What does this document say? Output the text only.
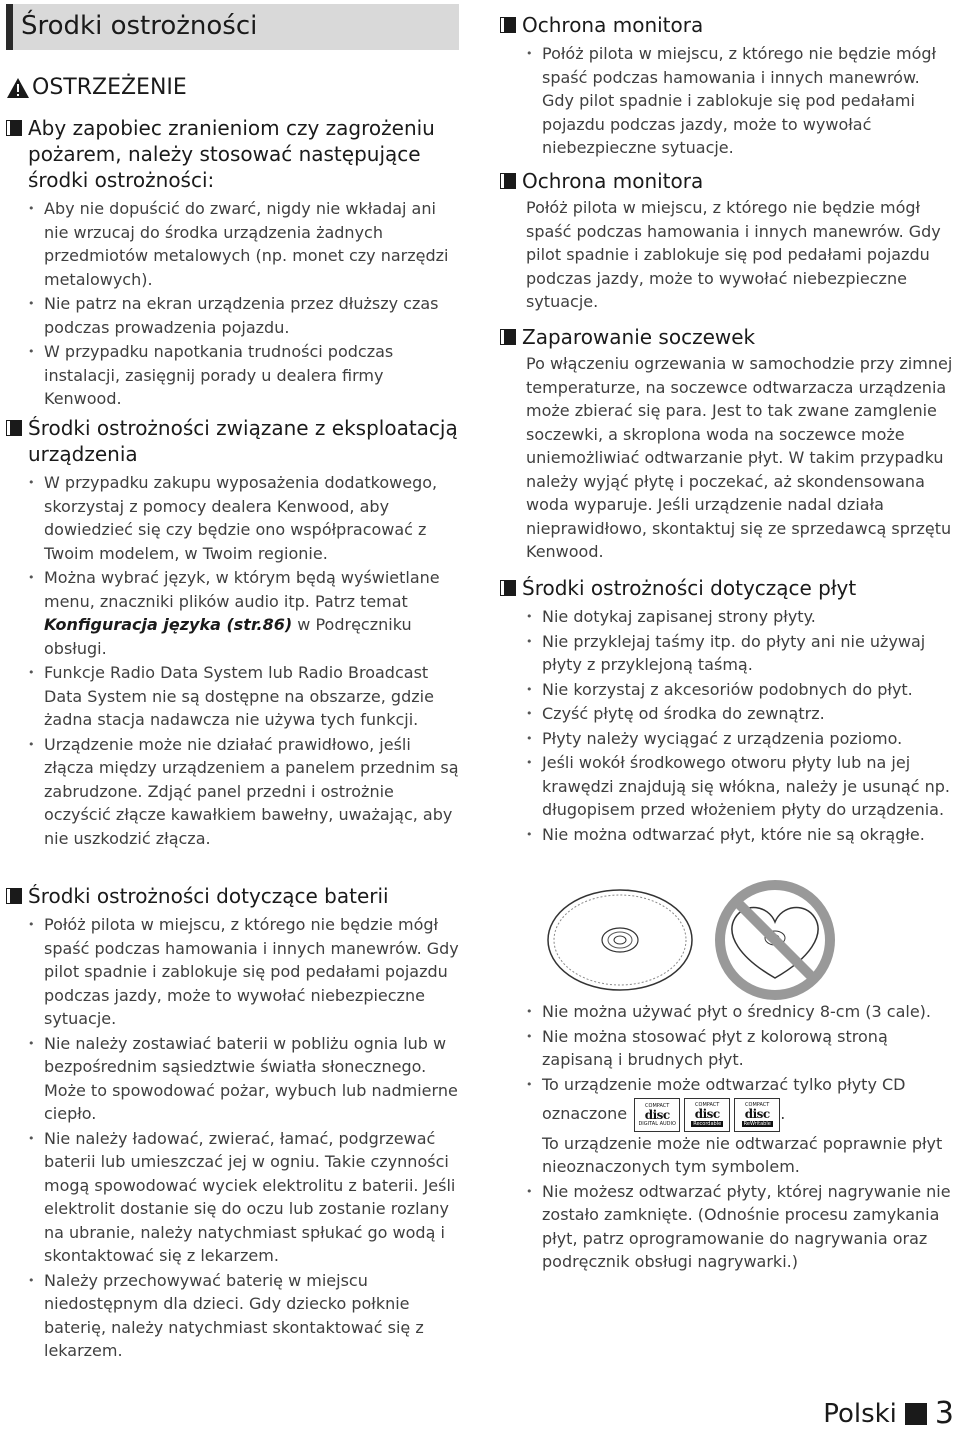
Środki ostrożności
OSTRZEŻENIE
Aby zapobiec zranieniom czy zagrożeniu pożarem, należy stosować następujące środki ostrożności:
• Aby nie dopuścić do zwarć, nigdy nie wkładaj ani nie wrzucaj do środka urządzenia żadnych przedmiotów metalowych (np. monet czy narzędzi metalowych).
• Nie patrz na ekran urządzenia przez dłuższy czas podczas prowadzenia pojazdu.
• W przypadku napotkania trudności podczas instalacji, zasięgnij porady u dealera firmy Kenwood.
Środki ostrożności związane z eksploatacją urządzenia
• W przypadku zakupu wyposażenia dodatkowego, skorzystaj z pomocy dealera Kenwood, aby dowiedzieć się czy będzie ono współpracować z Twoim modelem, w Twoim regionie.
• Można wybrać język, w którym będą wyświetlane menu, znaczniki plików audio itp. Patrz temat Konfiguracja języka (str.86) w Podręczniku obsługi.
• Funkcje Radio Data System lub Radio Broadcast Data System nie są dostępne na obszarze, gdzie żadna stacja nadawcza nie używa tych funkcji.
• Urządzenie może nie działać prawidłowo, jeśli złącza między urządzeniem a panelem przednim są zabrudzone. Zdjąć panel przedni i ostrożnie oczyścić złącze kawałkiem bawełny, uważając, aby nie uszkodzić złącza.
Środki ostrożności dotyczące baterii
• Połóż pilota w miejscu, z którego nie będzie mógł spaść podczas hamowania i innych manewrów. Gdy pilot spadnie i zablokuje się pod pedałami pojazdu podczas jazdy, może to wywołać niebezpieczne sytuacje.
• Nie należy zostawiać baterii w pobliżu ognia lub w bezpośrednim sąsiedztwie światła słonecznego. Może to spowodować pożar, wybuch lub nadmierne ciepło.
• Nie należy ładować, zwierać, łamać, podgrzewać baterii lub umieszczać jej w ogniu. Takie czynności mogą spowodować wyciek elektrolitu z baterii. Jeśli elektrolit dostanie się do oczu lub zostanie rozlany na ubranie, należy natychmiast spłukać go wodą i skontaktować się z lekarzem.
• Należy przechowywać baterię w miejscu niedostępnym dla dzieci. Gdy dziecko połknie baterię, należy natychmiast skontaktować się z lekarzem.
Ochrona monitora
• Połóż pilota w miejscu, z którego nie będzie mógł spaść podczas hamowania i innych manewrów. Gdy pilot spadnie i zablokuje się pod pedałami pojazdu podczas jazdy, może to wywołać niebezpieczne sytuacje.
Ochrona monitora
Połóż pilota w miejscu, z którego nie będzie mógł spaść podczas hamowania i innych manewrów. Gdy pilot spadnie i zablokuje się pod pedałami pojazdu podczas jazdy, może to wywołać niebezpieczne sytuacje.
Zaparowanie soczewek
Po włączeniu ogrzewania w samochodzie przy zimnej temperaturze, na soczewce odtwarzacza urządzenia może zbierać się para. Jest to tak zwane zamglenie soczewki, a skroplona woda na soczewce może uniemożliwiać odtwarzanie płyt. W takim przypadku należy wyjąć płytę i poczekać, aż skondensowana woda wyparuje. Jeśli urządzenie nadal działa nieprawidłowo, skontaktuj się ze sprzedawcą sprzętu Kenwood.
Środki ostrożności dotyczące płyt
• Nie dotykaj zapisanej strony płyty.
• Nie przyklejaj taśmy itp. do płyty ani nie używaj płyty z przyklejoną taśmą.
• Nie korzystaj z akcesoriów podobnych do płyt.
• Czyść płytę od środka do zewnątrz.
• Płyty należy wyciągać z urządzenia poziomo.
• Jeśli wokół środkowego otworu płyty lub na jej krawędzi znajdują się włókna, należy je usunąć np. długopisem przed włożeniem płyty do urządzenia.
• Nie można odtwarzać płyt, które nie są okrągłe.
• Nie można używać płyt o średnicy 8-cm (3 cale).
• Nie można stosować płyt z kolorową stroną zapisaną i brudnych płyt.
• To urządzenie może odtwarzać tylko płyty CD
oznaczone	COMPACT
disc
DIGITAL AUDIO
COMPACT
disc
Recordable
COMPACT
disc
ReWritable
.
To urządzenie może nie odtwarzać poprawnie płyt nieoznaczonych tym symbolem.
• Nie możesz odtwarzać płyty, której nagrywanie nie zostało zamknięte. (Odnośnie procesu zamykania płyt, patrz oprogramowanie do nagrywania oraz podręcznik obsługi nagrywarki.)
Polski 3
